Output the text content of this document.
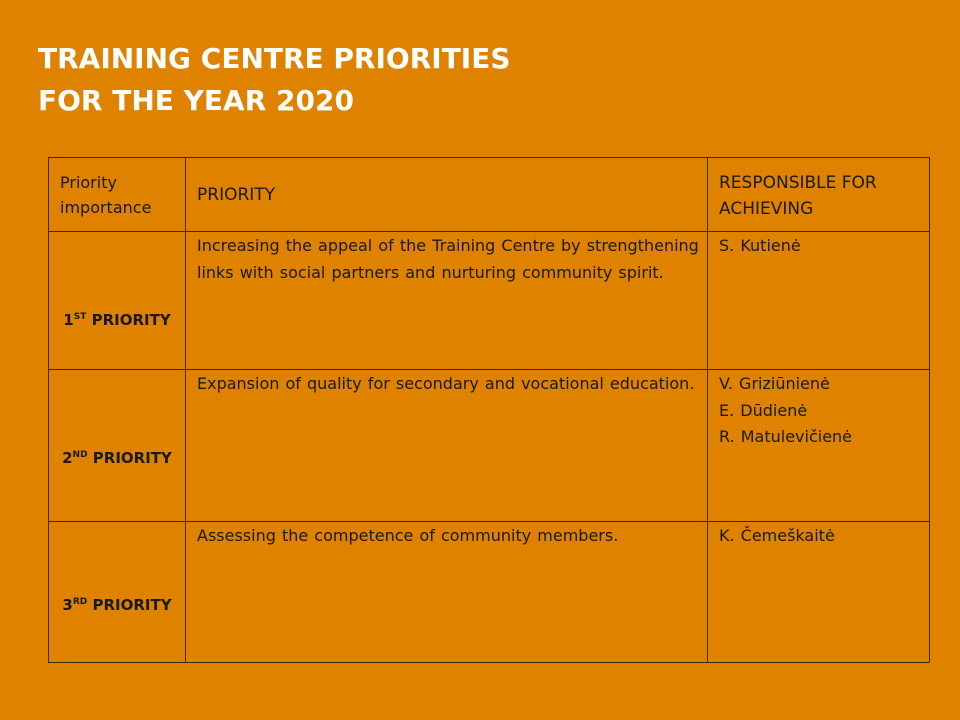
TRAINING CENTRE PRIORITIES
FOR THE YEAR 2020
Priority
importance	PRIORITY	RESPONSIBLE FOR
ACHIEVING

1ST PRIORITY	Increasing the appeal of the Training Centre by strengthening links with social partners and nurturing community spirit.	S. Kutienė

2ND PRIORITY	Expansion of quality for secondary and vocational education.	V. Griziūnienė
E. Dūdienė
R. Matulevičienė

3RD PRIORITY	Assessing the competence of community members.	K. Čemeškaitė
